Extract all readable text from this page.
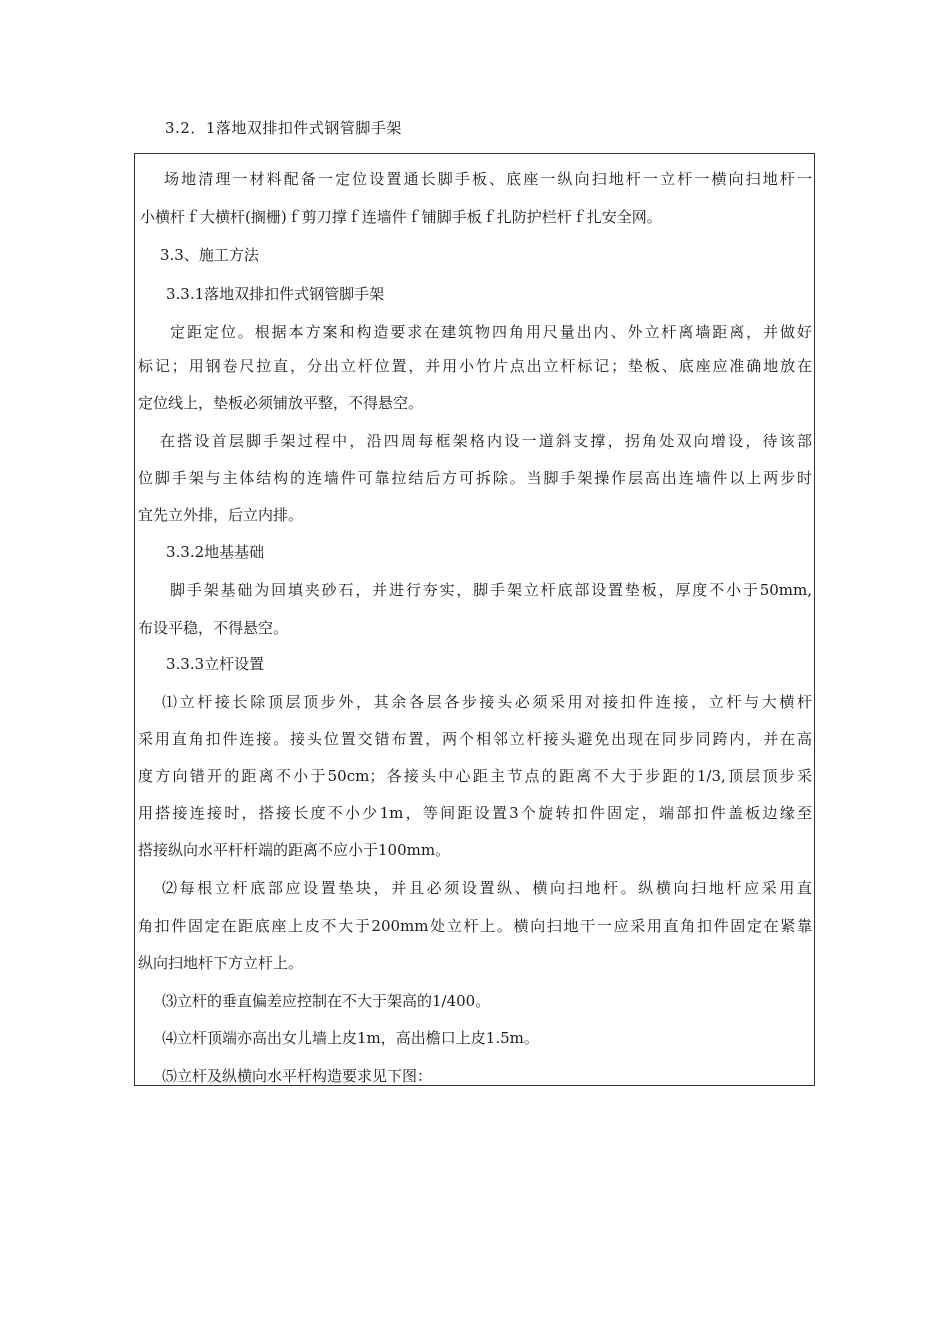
3.2．1落地双排扣件式钢管脚手架
场地清理一材料配备一定位设置通长脚手板、底座一纵向扫地杆一立杆一横向扫地杆一
小横杆ｆ大横杆(搁栅)ｆ剪刀撑ｆ连墙件ｆ铺脚手板ｆ扎防护栏杆ｆ扎安全网。
3.3、施工方法
3.3.1落地双排扣件式钢管脚手架
定距定位。根据本方案和构造要求在建筑物四角用尺量出内、外立杆离墙距离，并做好
标记；用钢卷尺拉直，分出立杆位置，并用小竹片点出立杆标记；垫板、底座应准确地放在
定位线上，垫板必须铺放平整，不得悬空。
在搭设首层脚手架过程中，沿四周每框架格内设一道斜支撑，拐角处双向增设，待该部
位脚手架与主体结构的连墙件可靠拉结后方可拆除。当脚手架操作层高出连墙件以上两步时
宜先立外排，后立内排。
3.3.2地基基础
脚手架基础为回填夹砂石，并进行夯实，脚手架立杆底部设置垫板，厚度不小于50mm,
布设平稳，不得悬空。
3.3.3立杆设置
⑴立杆接长除顶层顶步外，其余各层各步接头必须采用对接扣件连接，立杆与大横杆
采用直角扣件连接。接头位置交错布置，两个相邻立杆接头避免出现在同步同跨内，并在高
度方向错开的距离不小于50cm；各接头中心距主节点的距离不大于步距的1/3,顶层顶步采
用搭接连接时，搭接长度不小少1m，等间距设置3个旋转扣件固定，端部扣件盖板边缘至
搭接纵向水平杆杆端的距离不应小于100mm。
⑵每根立杆底部应设置垫块，并且必须设置纵、横向扫地杆。纵横向扫地杆应采用直
角扣件固定在距底座上皮不大于200mm处立杆上。横向扫地干一应采用直角扣件固定在紧靠
纵向扫地杆下方立杆上。
⑶立杆的垂直偏差应控制在不大于架高的1/400。
⑷立杆顶端亦高出女儿墙上皮1m，高出檐口上皮1.5m。
⑸立杆及纵横向水平杆构造要求见下图：
